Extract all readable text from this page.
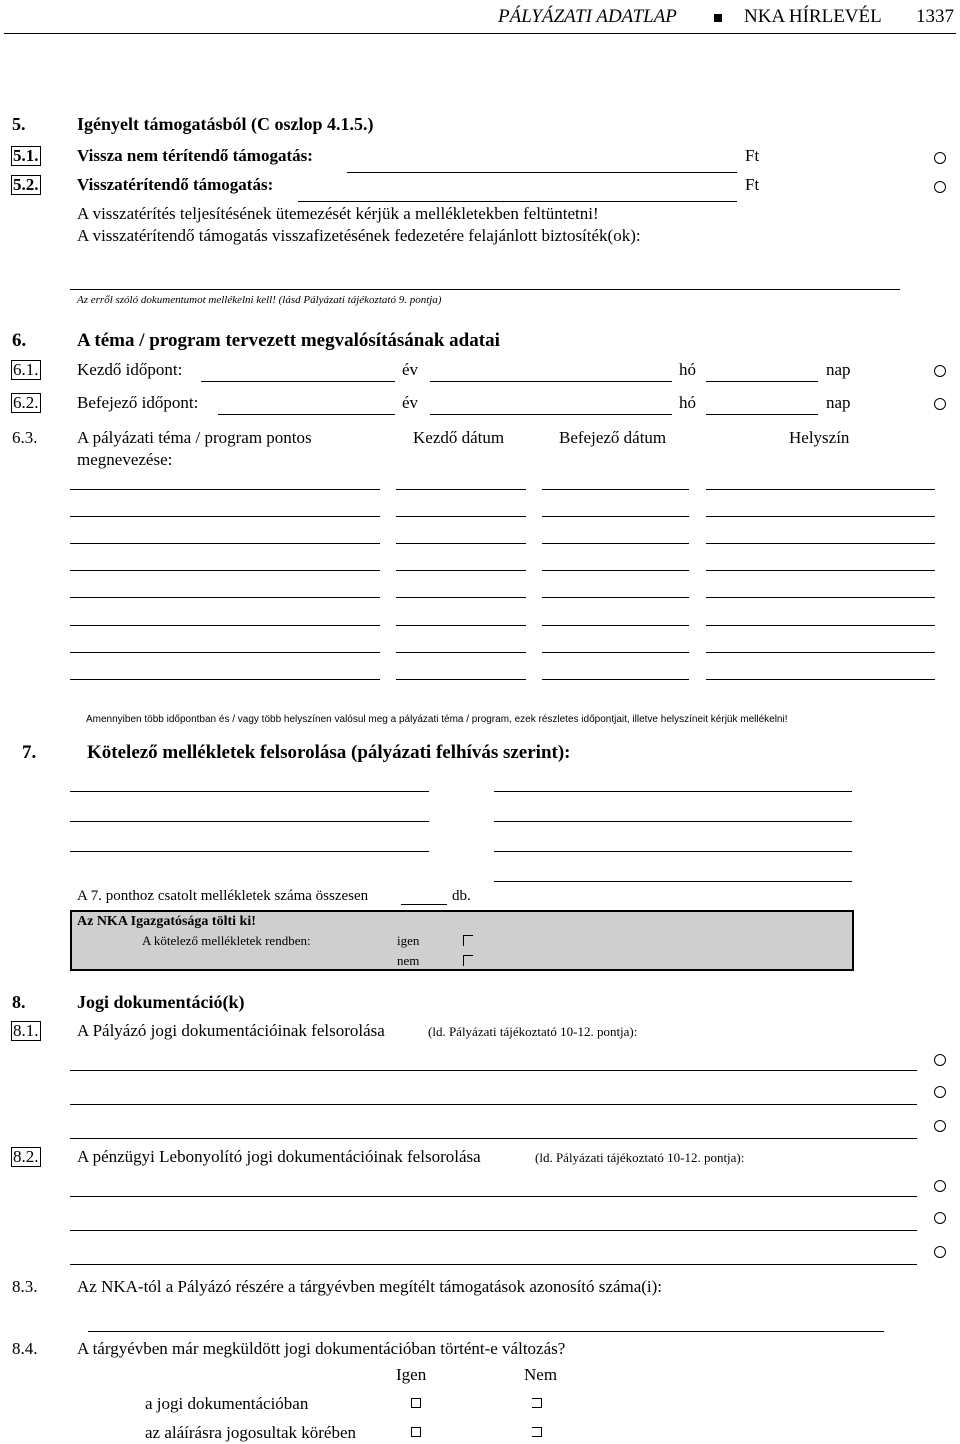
PÁLYÁZATI ADATLAP	NKA HÍRLEVÉL 1337
5.	Igényelt támogatásból (C oszlop 4.1.5.)
5.1. Vissza nem térítendő támogatás:	Ft
5.2. Visszatérítendő támogatás:	Ft
A visszatérítés teljesítésének ütemezését kérjük a mellékletekben feltüntetni!
A visszatérítendő támogatás visszafizetésének fedezetére felajánlott biztosíték(ok):
Az erről szóló dokumentumot mellékelni kell! (lásd Pályázati tájékoztató 9. pontja)
6.	A téma / program tervezett megvalósításának adatai
6.1. Kezdő időpont:	év	hó	nap
6.2. Befejező időpont:	év	hó	nap
6.3. A pályázati téma / program pontos
megnevezése:
Kezdő dátum	Befejező dátum	Helyszín
Amennyiben több időpontban és / vagy több helyszínen valósul meg a pályázati téma / program, ezek részletes időpontjait, illetve helyszíneit kérjük mellékelni!
7.	Kötelező mellékletek felsorolása (pályázati felhívás szerint):
A 7. ponthoz csatolt mellékletek száma összesen	db.
Az NKA Igazgatósága tölti ki!
A kötelező mellékletek rendben:	igen
nem
8.	Jogi dokumentáció(k)
8.1. A Pályázó jogi dokumentációinak felsorolása	(ld. Pályázati tájékoztató 10-12. pontja):
8.2. A pénzügyi Lebonyolító jogi dokumentációinak felsorolása	(ld. Pályázati tájékoztató 10-12. pontja):
8.3. Az NKA-tól a Pályázó részére a tárgyévben megítélt támogatások azonosító száma(i):
8.4. A tárgyévben már megküldött jogi dokumentációban történt-e változás?
Igen	Nem
a jogi dokumentációban
az aláírásra jogosultak körében
